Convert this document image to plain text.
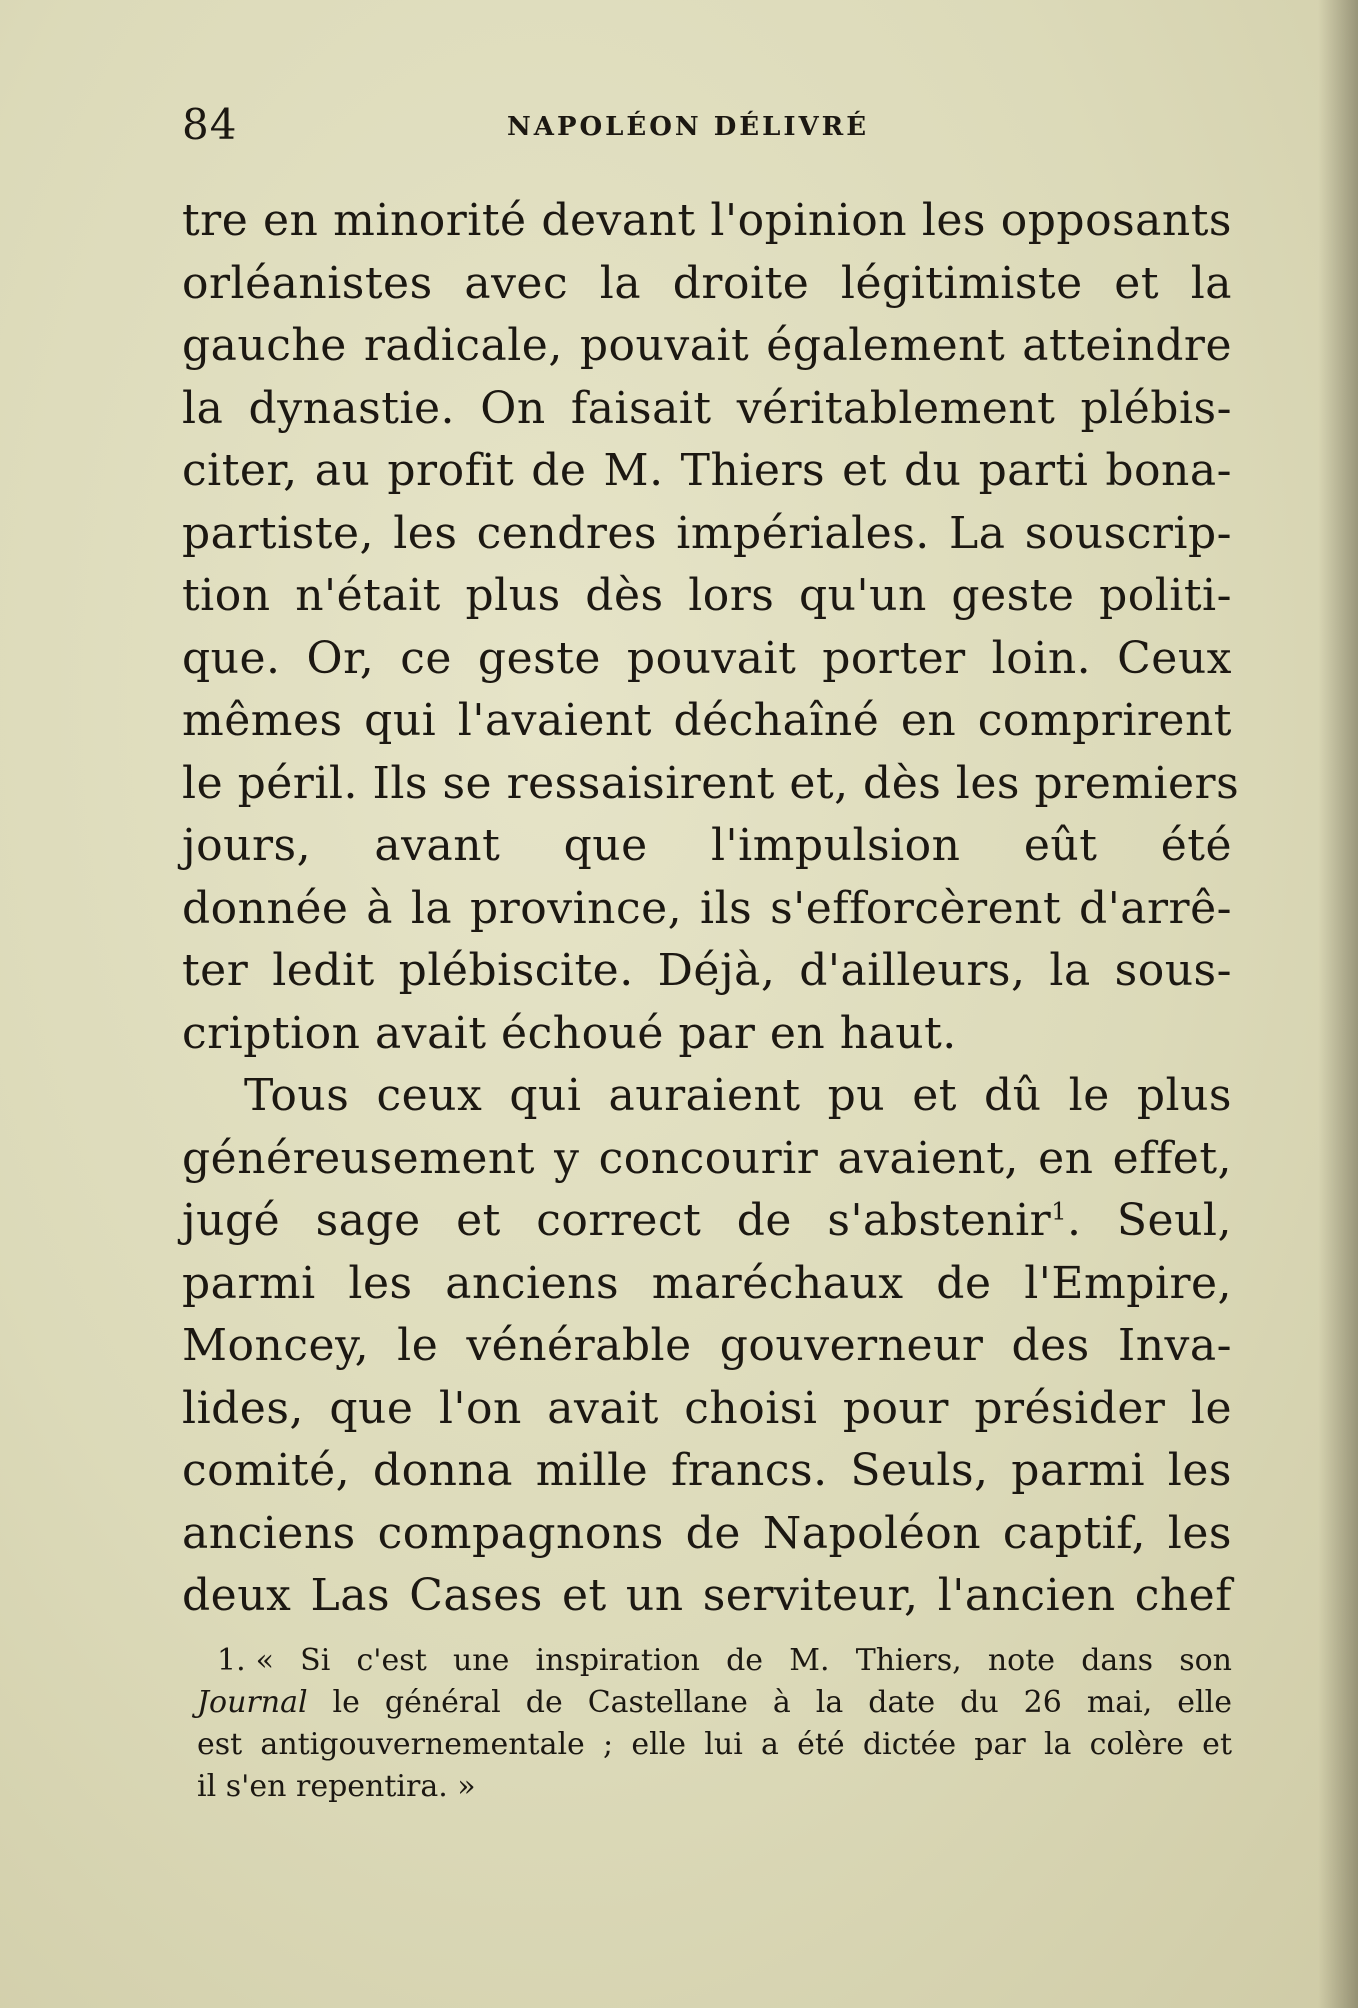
84	NAPOLÉON DÉLIVRÉ
tre en minorité devant l'opinion les opposants
orléanistes avec la droite légitimiste et la
gauche radicale, pouvait également atteindre
la dynastie. On faisait véritablement plébis-
citer, au profit de M. Thiers et du parti bona-
partiste, les cendres impériales. La souscrip-
tion n'était plus dès lors qu'un geste politi-
que. Or, ce geste pouvait porter loin. Ceux
mêmes qui l'avaient déchaîné en comprirent
le péril. Ils se ressaisirent et, dès les premiers
jours, avant que l'impulsion eût été
donnée à la province, ils s'efforcèrent d'arrê-
ter ledit plébiscite. Déjà, d'ailleurs, la sous-
cription avait échoué par en haut.
Tous ceux qui auraient pu et dû le plus
généreusement y concourir avaient, en effet,
jugé sage et correct de s'abstenir$^1$. Seul,
parmi les anciens maréchaux de l'Empire,
Moncey, le vénérable gouverneur des Inva-
lides, que l'on avait choisi pour présider le
comité, donna mille francs. Seuls, parmi les
anciens compagnons de Napoléon captif, les
deux Las Cases et un serviteur, l'ancien chef
1. « Si c'est une inspiration de M. Thiers, note dans son
Journal le général de Castellane à la date du 26 mai, elle
est antigouvernementale ; elle lui a été dictée par la colère et
il s'en repentira. »
